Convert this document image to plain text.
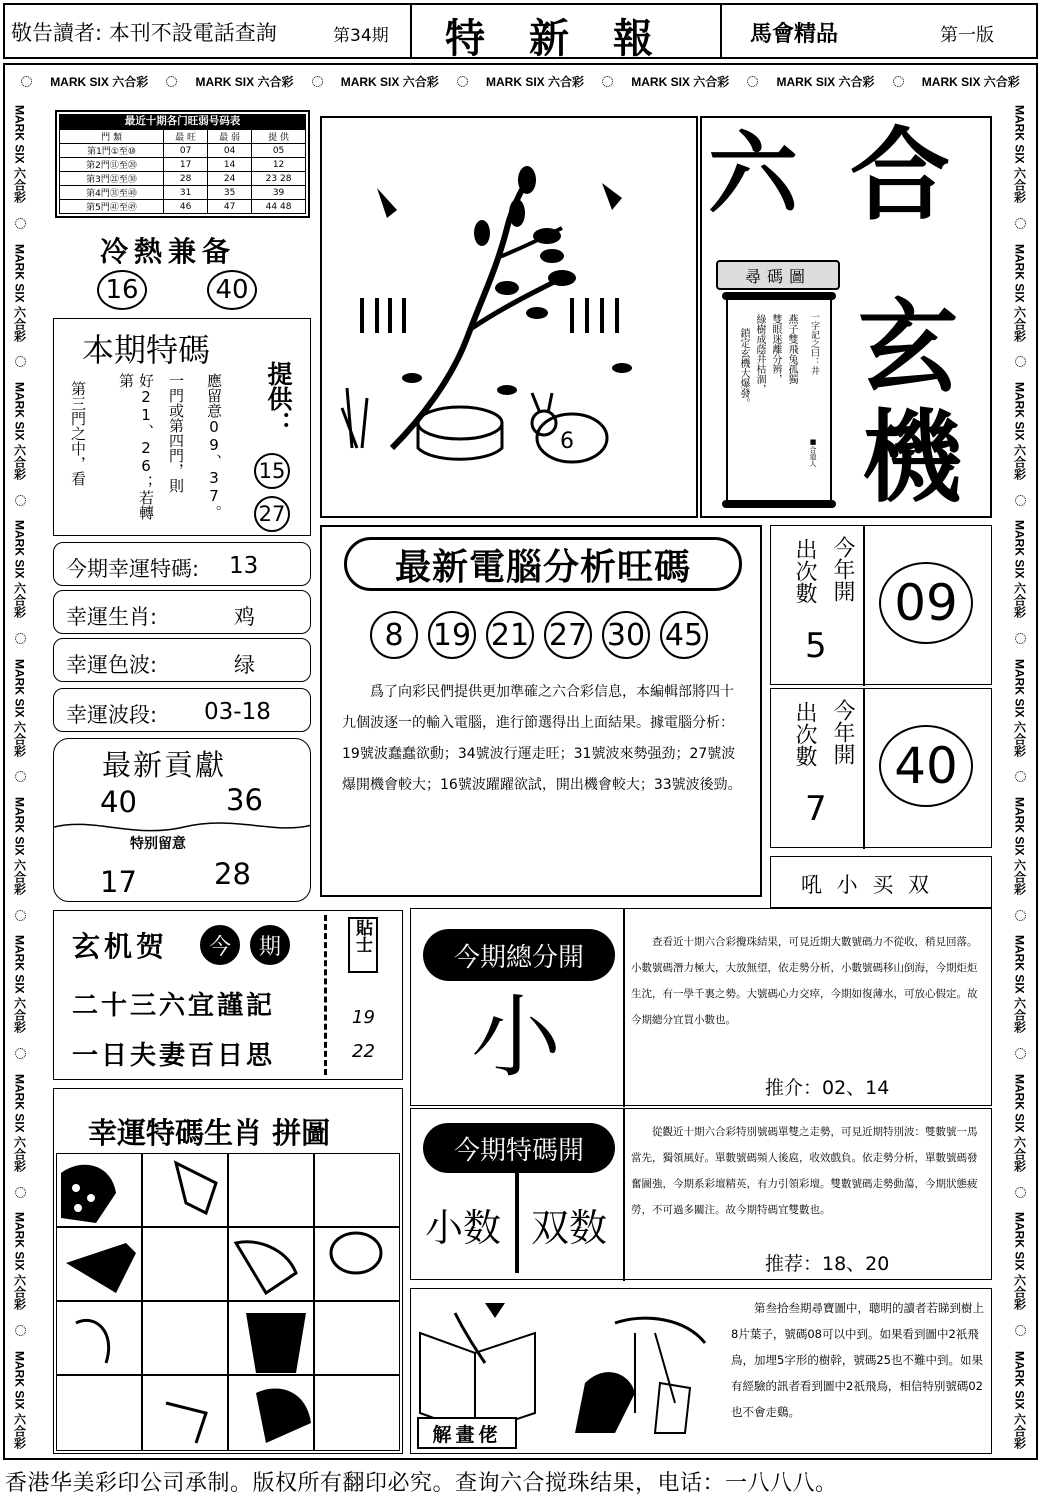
敬告讀者: 本刊不設電話查詢	第34期 特　新　報	馬會精品	第一版
MARK SIX 六合彩	MARK SIX 六合彩	MARK SIX 六合彩	MARK SIX 六合彩	MARK SIX 六合彩	MARK SIX 六合彩	MARK SIX 六合彩
MARK SIX 六合彩
MARK SIX 六合彩
MARK SIX 六合彩
MARK SIX 六合彩
MARK SIX 六合彩
MARK SIX 六合彩
MARK SIX 六合彩
MARK SIX 六合彩
MARK SIX 六合彩
MARK SIX 六合彩
MARK SIX 六合彩
MARK SIX 六合彩
MARK SIX 六合彩
MARK SIX 六合彩
MARK SIX 六合彩
MARK SIX 六合彩
MARK SIX 六合彩
MARK SIX 六合彩
MARK SIX 六合彩
MARK SIX 六合彩
最近十期各门旺弱号码表
門 類	最 旺	最 弱	提 供
第1門①至⑩	07	04	05
第2門⑪至⑳	17	14	12
第3門㉑至㉚	28	24	23 28
第4門㉛至㊵	31	35	39
第5門㊶至㊾	46	47	44 48
冷熱兼备
16	40
本期特碼
應留意09、37。
一門或第四門，則
好21、26；若轉第
第三門之中，看	提供：
15
27
今期幸運特碼: 13
幸運生肖:	鸡
幸運色波:	绿
幸運波段: 03-18
最新貢獻
40	36
特别留意
17	28
6
六 合
玄
機
尋碼圖
鎖定玄機大爆發。 綠樹成蔭井枯涸， 雙眼迷離分辨， 燕子雙飛兔孤獨 一字記之曰：井
■合道人
最新電腦分析旺碼
8 19 21 27 30 45
爲了向彩民們提供更加準確之六合彩信息，本編輯部將四十九個波逐一的輸入電腦，進行節選得出上面結果。據電腦分析：19號波蠢蠢欲動；34號波行運走旺；31號波來勢强劲；27號波爆開機會較大；16號波躍躍欲試，開出機會較大；33號波後勁。
今年開
出次數
5
09
今年開
出次數
7
40
玄机贺	今	期
二十三六宜謹記
一日夫妻百日思
貼士
19
22
幸運特碼生肖 拼圖
吼 小 买 双
今期總分開
小
查看近十期六合彩攪珠結果，可見近期大數號碼力不從收，稍見回落。小數號碼潛力極大，大放無望，依走勢分析，小數號碼移山倒海，今期炬炬生沈，有一學千裏之勢。大號碼心力交瘁，今期如復薄水，可放心假定。故今期總分宜買小數也。
推介：02、14
今期特碼開
小数 双数
從觀近十期六合彩特別號碼單雙之走勢，可見近期特別波：雙數號一馬當先，獨領風好。單數號碼頻人後扈，收效戲負。依走勢分析，單數號碼發奮圖強，今期系彩壇精英，有力引領彩壇。雙數號碼走勢動蕩，今期狀態疲勞，不可過多關注。故今期特碼宜雙數也。
推荐：18、20
解畫佬
第叁拾叁期尋寶圖中，聰明的讀者若睇到樹上8片葉子，號碼08可以中到。如果看到圖中2祇飛鳥，加埋5字形的樹幹，號碼25也不難中到。如果有經驗的訊者看到圖中2祇飛鳥，相信特别號碼02也不會走鷄。
香港华美彩印公司承制。版权所有翻印必究。查询六合搅珠结果，电话：一八八八。
